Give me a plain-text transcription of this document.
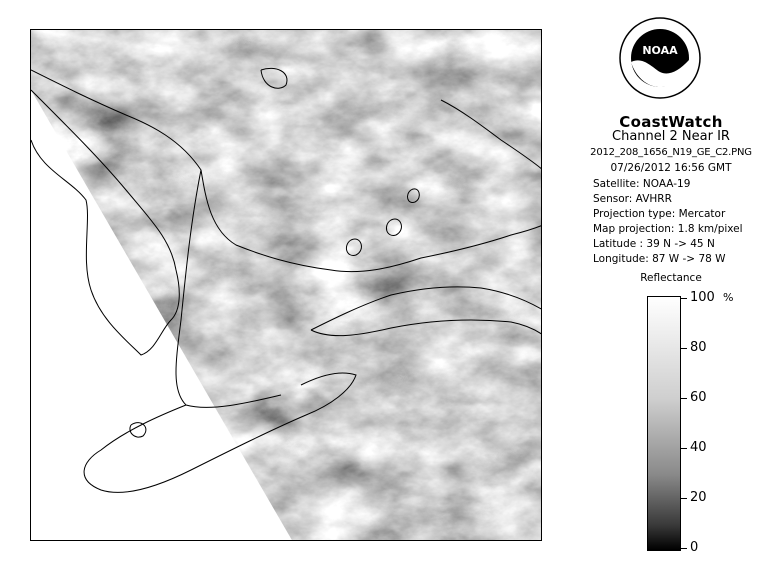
NOAA
CoastWatch
Channel 2 Near IR
2012_208_1656_N19_GE_C2.PNG
07/26/2012 16:56 GMT
Satellite: NOAA-19
Sensor: AVHRR
Projection type: Mercator
Map projection: 1.8 km/pixel
Latitude : 39 N -> 45 N
Longitude: 87 W -> 78 W
Reflectance
%
100
80
60
40
20
0
